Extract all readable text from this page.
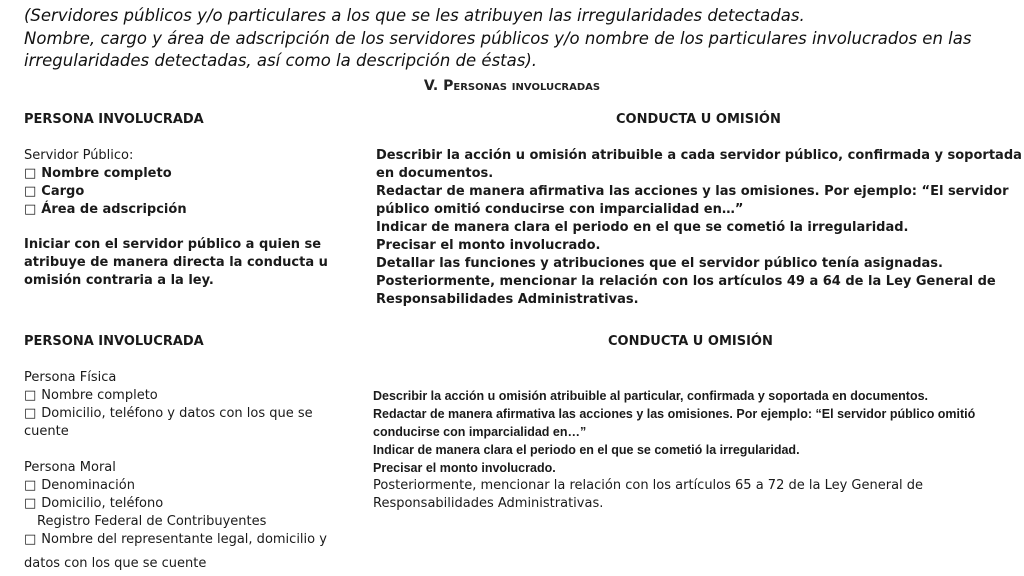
(Servidores públicos y/o particulares a los que se les atribuyen las irregularidades detectadas.
Nombre, cargo y área de adscripción de los servidores públicos y/o nombre de los particulares involucrados en las
irregularidades detectadas, así como la descripción de éstas).
V. Personas involucradas
PERSONA INVOLUCRADA	CONDUCTA U OMISIÓN
Servidor Público:
□ Nombre completo
□ Cargo
□ Área de adscripción
Iniciar con el servidor público a quien se
atribuye de manera directa la conducta u
omisión contraria a la ley.
Describir la acción u omisión atribuible a cada servidor público, confirmada y soportada
en documentos.
Redactar de manera afirmativa las acciones y las omisiones. Por ejemplo: “El servidor
público omitió conducirse con imparcialidad en…”
Indicar de manera clara el periodo en el que se cometió la irregularidad.
Precisar el monto involucrado.
Detallar las funciones y atribuciones que el servidor público tenía asignadas.
Posteriormente, mencionar la relación con los artículos 49 a 64 de la Ley General de
Responsabilidades Administrativas.
PERSONA INVOLUCRADA	CONDUCTA U OMISIÓN
Persona Física
□ Nombre completo
□ Domicilio, teléfono y datos con los que se
cuente
Persona Moral
□ Denominación
□ Domicilio, teléfono
Registro Federal de Contribuyentes
□ Nombre del representante legal, domicilio y
datos con los que se cuente
Describir la acción u omisión atribuible al particular, confirmada y soportada en documentos.
Redactar de manera afirmativa las acciones y las omisiones. Por ejemplo: “El servidor público omitió
conducirse con imparcialidad en…”
Indicar de manera clara el periodo en el que se cometió la irregularidad.
Precisar el monto involucrado.
Posteriormente, mencionar la relación con los artículos 65 a 72 de la Ley General de
Responsabilidades Administrativas.
